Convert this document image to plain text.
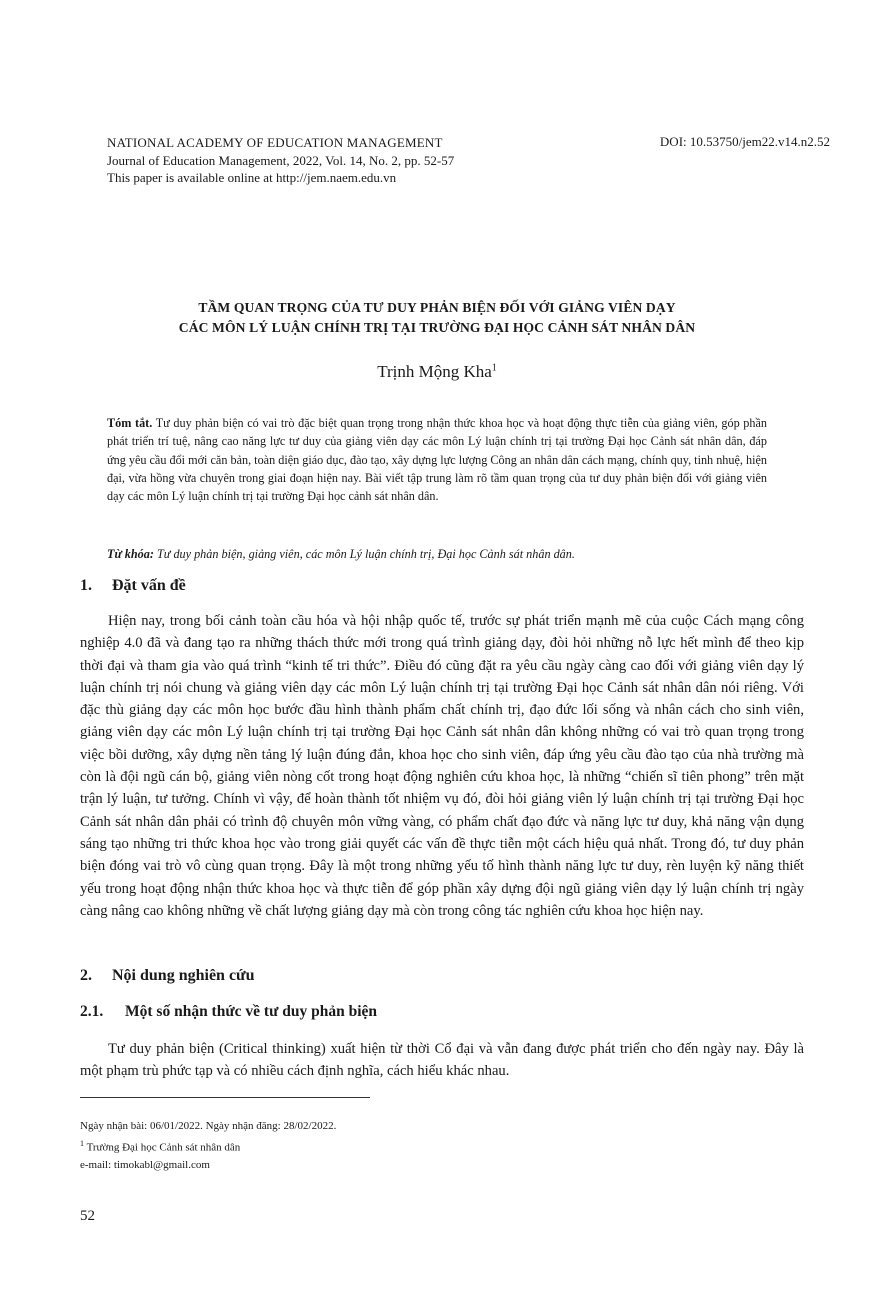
NATIONAL ACADEMY OF EDUCATION MANAGEMENT
Journal of Education Management, 2022, Vol. 14, No. 2, pp. 52-57
This paper is available online at http://jem.naem.edu.vn
DOI: 10.53750/jem22.v14.n2.52
TẦM QUAN TRỌNG CỦA TƯ DUY PHẢN BIỆN ĐỐI VỚI GIẢNG VIÊN DẠY
CÁC MÔN LÝ LUẬN CHÍNH TRỊ TẠI TRƯỜNG ĐẠI HỌC CẢNH SÁT NHÂN DÂN
Trịnh Mộng Kha$^1$
Tóm tắt. Tư duy phản biện có vai trò đặc biệt quan trọng trong nhận thức khoa học và hoạt động thực tiễn của giảng viên, góp phần phát triển trí tuệ, nâng cao năng lực tư duy của giảng viên dạy các môn Lý luận chính trị tại trường Đại học Cảnh sát nhân dân, đáp ứng yêu cầu đổi mới căn bản, toàn diện giáo dục, đào tạo, xây dựng lực lượng Công an nhân dân cách mạng, chính quy, tinh nhuệ, hiện đại, vừa hồng vừa chuyên trong giai đoạn hiện nay. Bài viết tập trung làm rõ tầm quan trọng của tư duy phản biện đối với giảng viên dạy các môn Lý luận chính trị tại trường Đại học cảnh sát nhân dân.
Từ khóa: Tư duy phản biện, giảng viên, các môn Lý luận chính trị, Đại học Cảnh sát nhân dân.
1. Đặt vấn đề
Hiện nay, trong bối cảnh toàn cầu hóa và hội nhập quốc tế, trước sự phát triển mạnh mẽ của cuộc Cách mạng công nghiệp 4.0 đã và đang tạo ra những thách thức mới trong quá trình giảng dạy, đòi hỏi những nỗ lực hết mình để theo kịp thời đại và tham gia vào quá trình “kinh tế tri thức”. Điều đó cũng đặt ra yêu cầu ngày càng cao đối với giảng viên dạy lý luận chính trị nói chung và giảng viên dạy các môn Lý luận chính trị tại trường Đại học Cảnh sát nhân dân nói riêng. Với đặc thù giảng dạy các môn học bước đầu hình thành phẩm chất chính trị, đạo đức lối sống và nhân cách cho sinh viên, giảng viên dạy các môn Lý luận chính trị tại trường Đại học Cảnh sát nhân dân không những có vai trò quan trọng trong việc bồi dưỡng, xây dựng nền tảng lý luận đúng đắn, khoa học cho sinh viên, đáp ứng yêu cầu đào tạo của nhà trường mà còn là đội ngũ cán bộ, giảng viên nòng cốt trong hoạt động nghiên cứu khoa học, là những “chiến sĩ tiên phong” trên mặt trận lý luận, tư tưởng. Chính vì vậy, để hoàn thành tốt nhiệm vụ đó, đòi hỏi giảng viên lý luận chính trị tại trường Đại học Cảnh sát nhân dân phải có trình độ chuyên môn vững vàng, có phẩm chất đạo đức và năng lực tư duy, khả năng vận dụng sáng tạo những tri thức khoa học vào trong giải quyết các vấn đề thực tiễn một cách hiệu quả nhất. Trong đó, tư duy phản biện đóng vai trò vô cùng quan trọng. Đây là một trong những yếu tố hình thành năng lực tư duy, rèn luyện kỹ năng thiết yếu trong hoạt động nhận thức khoa học và thực tiễn để góp phần xây dựng đội ngũ giảng viên dạy lý luận chính trị ngày càng nâng cao không những về chất lượng giảng dạy mà còn trong công tác nghiên cứu khoa học hiện nay.
2. Nội dung nghiên cứu
2.1. Một số nhận thức về tư duy phản biện
Tư duy phản biện (Critical thinking) xuất hiện từ thời Cổ đại và vẫn đang được phát triển cho đến ngày nay. Đây là một phạm trù phức tạp và có nhiều cách định nghĩa, cách hiểu khác nhau.
Ngày nhận bài: 06/01/2022. Ngày nhận đăng: 28/02/2022.
$^1$ Trường Đại học Cảnh sát nhân dân
e-mail: timokabl@gmail.com
52
